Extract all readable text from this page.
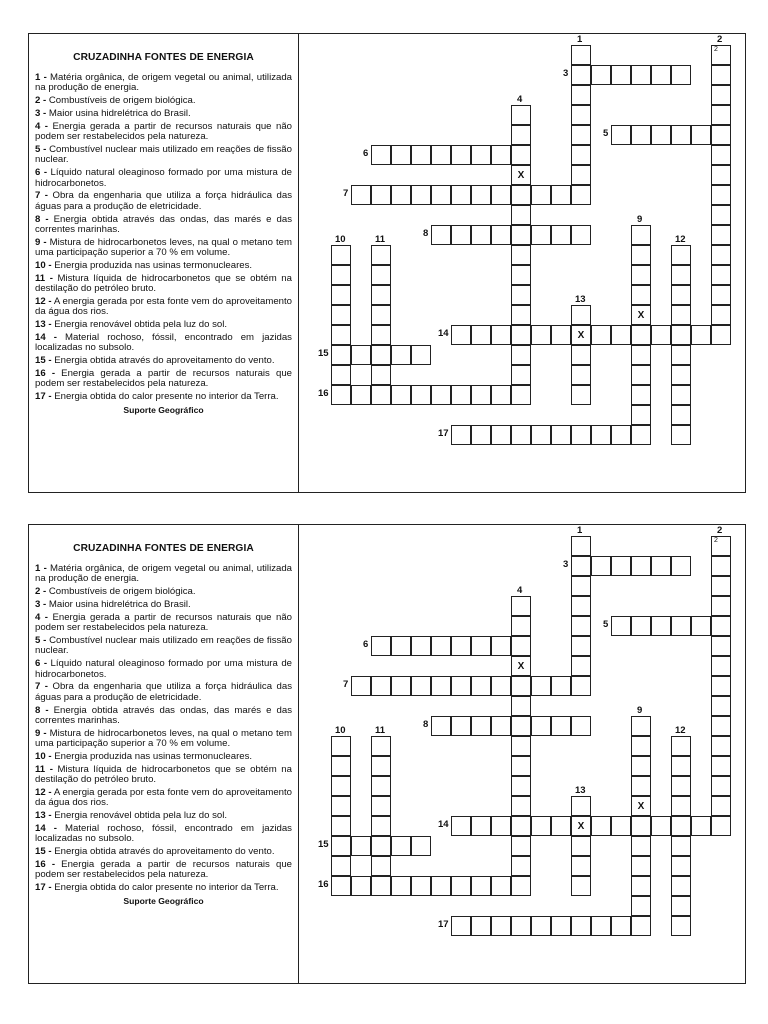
CRUZADINHA FONTES DE ENERGIA
1 - Matéria orgânica, de origem vegetal ou animal, utilizada na produção de energia.
2 - Combustíveis de origem biológica.
3 - Maior usina hidrelétrica do Brasil.
4 - Energia gerada a partir de recursos naturais que não podem ser restabelecidos pela natureza.
5 - Combustível nuclear mais utilizado em reações de fissão nuclear.
6 - Líquido natural oleaginoso formado por uma mistura de hidrocarbonetos.
7 - Obra da engenharia que utiliza a força hidráulica das águas para a produção de eletricidade.
8 - Energia obtida através das ondas, das marés e das correntes marinhas.
9 - Mistura de hidrocarbonetos leves, na qual o metano tem uma participação superior a 70 % em volume.
10 - Energia produzida nas usinas termonucleares.
11 - Mistura líquida de hidrocarbonetos que se obtém na destilação do petróleo bruto.
12 - A energia gerada por esta fonte vem do aproveitamento da água dos rios.
13 - Energia renovável obtida pela luz do sol.
14 - Material rochoso, fóssil, encontrado em jazidas localizadas no subsolo.
15 - Energia obtida através do aproveitamento do vento.
16 - Energia gerada a partir de recursos naturais que podem ser restabelecidos pela natureza.
17 - Energia obtida do calor presente no interior da Terra.
Suporte Geográfico
2
X
X
X
1	2
3
4
5
6
7
8
9
10	11	12
13
14
15
16
17
CRUZADINHA FONTES DE ENERGIA
1 - Matéria orgânica, de origem vegetal ou animal, utilizada na produção de energia.
2 - Combustíveis de origem biológica.
3 - Maior usina hidrelétrica do Brasil.
4 - Energia gerada a partir de recursos naturais que não podem ser restabelecidos pela natureza.
5 - Combustível nuclear mais utilizado em reações de fissão nuclear.
6 - Líquido natural oleaginoso formado por uma mistura de hidrocarbonetos.
7 - Obra da engenharia que utiliza a força hidráulica das águas para a produção de eletricidade.
8 - Energia obtida através das ondas, das marés e das correntes marinhas.
9 - Mistura de hidrocarbonetos leves, na qual o metano tem uma participação superior a 70 % em volume.
10 - Energia produzida nas usinas termonucleares.
11 - Mistura líquida de hidrocarbonetos que se obtém na destilação do petróleo bruto.
12 - A energia gerada por esta fonte vem do aproveitamento da água dos rios.
13 - Energia renovável obtida pela luz do sol.
14 - Material rochoso, fóssil, encontrado em jazidas localizadas no subsolo.
15 - Energia obtida através do aproveitamento do vento.
16 - Energia gerada a partir de recursos naturais que podem ser restabelecidos pela natureza.
17 - Energia obtida do calor presente no interior da Terra.
Suporte Geográfico
2
X
X
X
1	2
3
4
5
6
7
8
9
10	11	12
13
14
15
16
17
